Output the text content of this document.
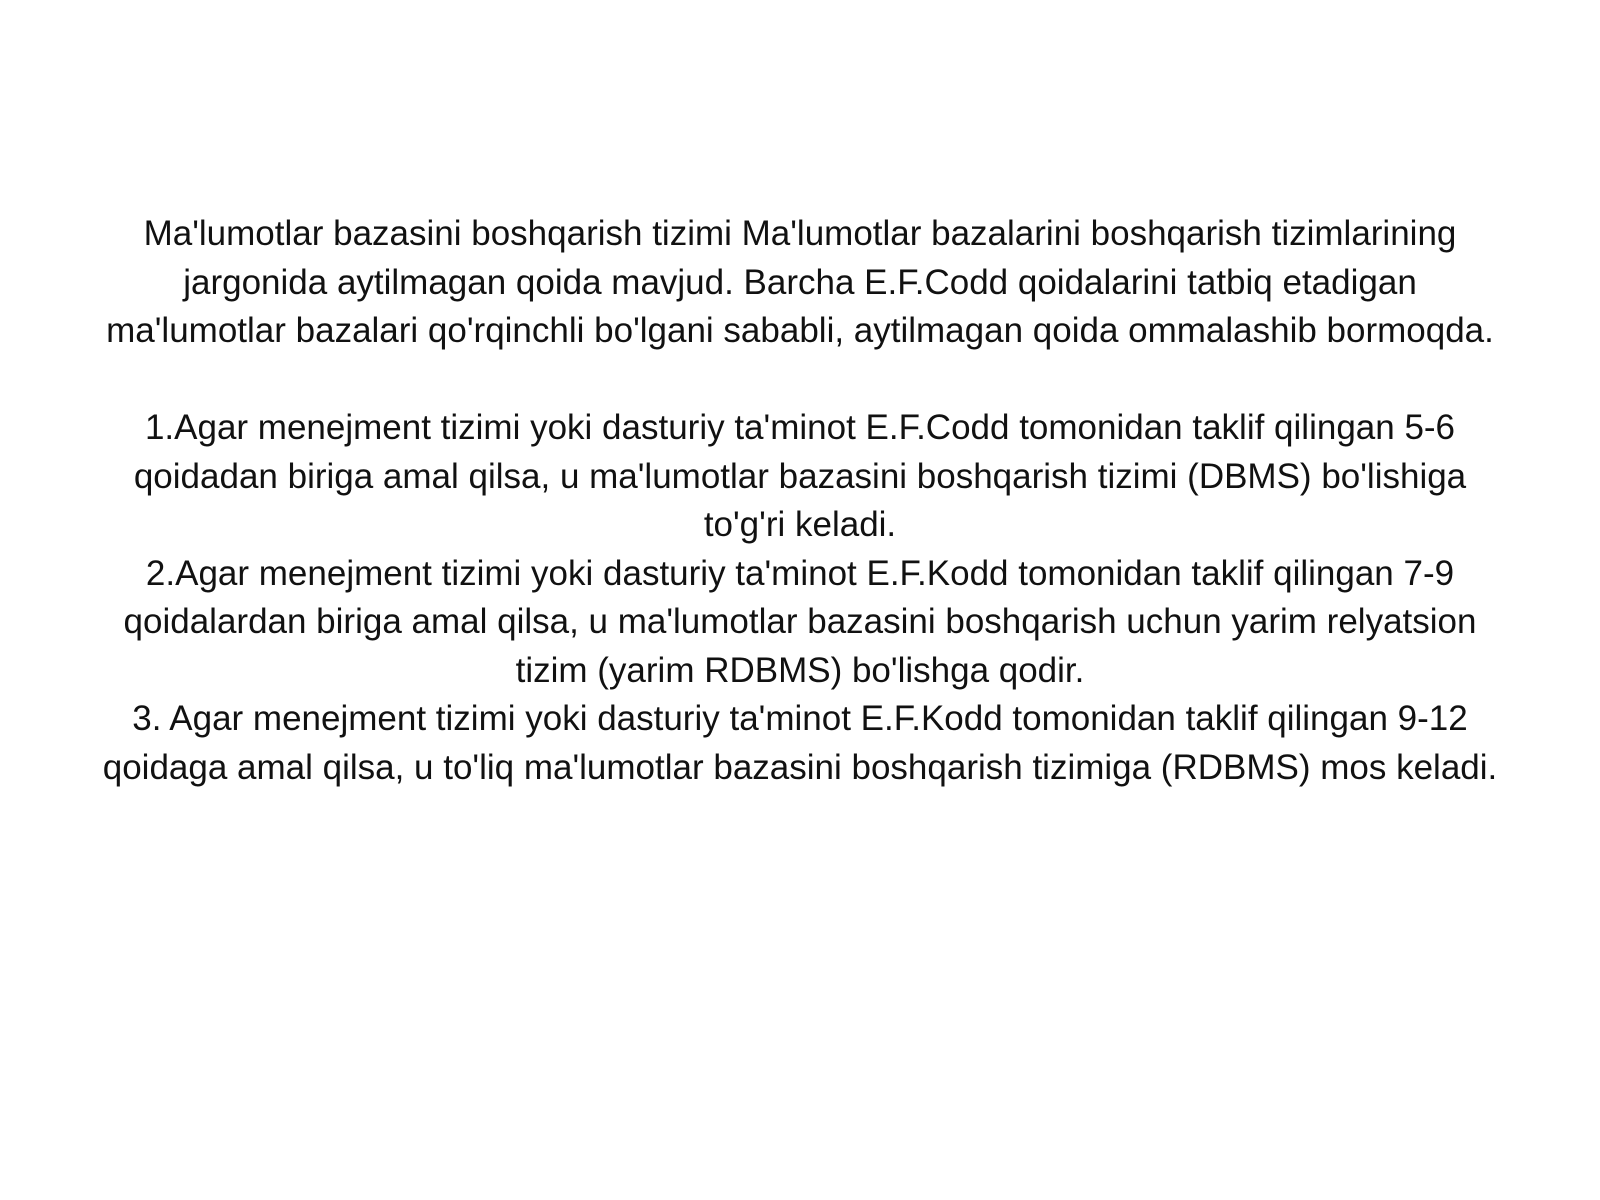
Ma'lumotlar bazasini boshqarish tizimi Ma'lumotlar bazalarini boshqarish tizimlarining jargonida aytilmagan qoida mavjud. Barcha E.F.Codd qoidalarini tatbiq etadigan ma'lumotlar bazalari qo'rqinchli bo'lgani sababli, aytilmagan qoida ommalashib bormoqda.

1.Agar menejment tizimi yoki dasturiy ta'minot E.F.Codd tomonidan taklif qilingan 5-6 qoidadan biriga amal qilsa, u ma'lumotlar bazasini boshqarish tizimi (DBMS) bo'lishiga to'g'ri keladi.

2.Agar menejment tizimi yoki dasturiy ta'minot E.F.Kodd tomonidan taklif qilingan 7-9 qoidalardan biriga amal qilsa, u ma'lumotlar bazasini boshqarish uchun yarim relyatsion tizim (yarim RDBMS) bo'lishga qodir.

3. Agar menejment tizimi yoki dasturiy ta'minot E.F.Kodd tomonidan taklif qilingan 9-12 qoidaga amal qilsa, u to'liq ma'lumotlar bazasini boshqarish tizimiga (RDBMS) mos keladi.
